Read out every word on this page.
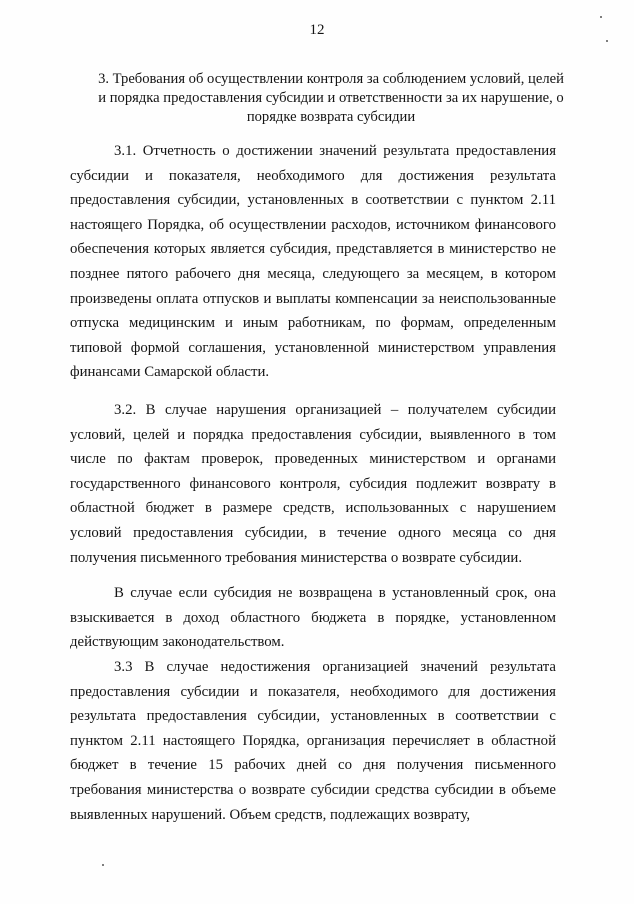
12
3. Требования об осуществлении контроля за соблюдением условий, целей и порядка предоставления субсидии и ответственности за их нарушение, о порядке возврата субсидии

3.1. Отчетность о достижении значений результата предоставления субсидии и показателя, необходимого для достижения результата предоставления субсидии, установленных в соответствии с пунктом 2.11 настоящего Порядка, об осуществлении расходов, источником финансового обеспечения которых является субсидия, представляется в министерство не позднее пятого рабочего дня месяца, следующего за месяцем, в котором произведены оплата отпусков и выплаты компенсации за неиспользованные отпуска медицинским и иным работникам, по формам, определенным типовой формой соглашения, установленной министерством управления финансами Самарской области.

3.2. В случае нарушения организацией – получателем субсидии условий, целей и порядка предоставления субсидии, выявленного в том числе по фактам проверок, проведенных министерством и органами государственного финансового контроля, субсидия подлежит возврату в областной бюджет в размере средств, использованных с нарушением условий предоставления субсидии, в течение одного месяца со дня получения письменного требования министерства о возврате субсидии.

В случае если субсидия не возвращена в установленный срок, она взыскивается в доход областного бюджета в порядке, установленном действующим законодательством.

3.3 В случае недостижения организацией значений результата предоставления субсидии и показателя, необходимого для достижения результата предоставления субсидии, установленных в соответствии с пунктом 2.11 настоящего Порядка, организация перечисляет в областной бюджет в течение 15 рабочих дней со дня получения письменного требования министерства о возврате субсидии средства субсидии в объеме выявленных нарушений. Объем средств, подлежащих возврату,
